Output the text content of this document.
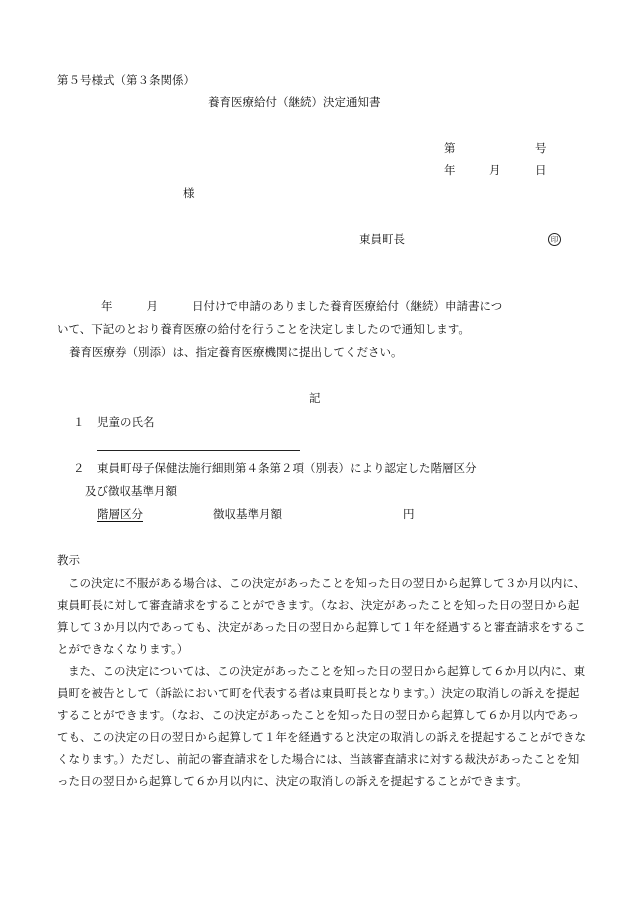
第５号様式（第３条関係）
養育医療給付（継続）決定通知書
第	号
年	月	日
様
東員町長	印
年	月	日付けで申請のありました養育医療給付（継続）申請書につ
いて、下記のとおり養育医療の給付を行うことを決定しましたので通知します。
養育医療券（別添）は、指定養育医療機関に提出してください。
記
１ 児童の氏名
２ 東員町母子保健法施行細則第４条第２項（別表）により認定した階層区分
及び徴収基準月額
階層区分	徴収基準月額	円
教示
この決定に不服がある場合は、この決定があったことを知った日の翌日から起算して３か月以内に、東員町長に対して審査請求をすることができます。（なお、決定があったことを知った日の翌日から起算して３か月以内であっても、決定があった日の翌日から起算して１年を経過すると審査請求をすることができなくなります。）
また、この決定については、この決定があったことを知った日の翌日から起算して６か月以内に、東員町を被告として（訴訟において町を代表する者は東員町長となります。）決定の取消しの訴えを提起することができます。（なお、この決定があったことを知った日の翌日から起算して６か月以内であっても、この決定の日の翌日から起算して１年を経過すると決定の取消しの訴えを提起することができなくなります。）ただし、前記の審査請求をした場合には、当該審査請求に対する裁決があったことを知った日の翌日から起算して６か月以内に、決定の取消しの訴えを提起することができます。
